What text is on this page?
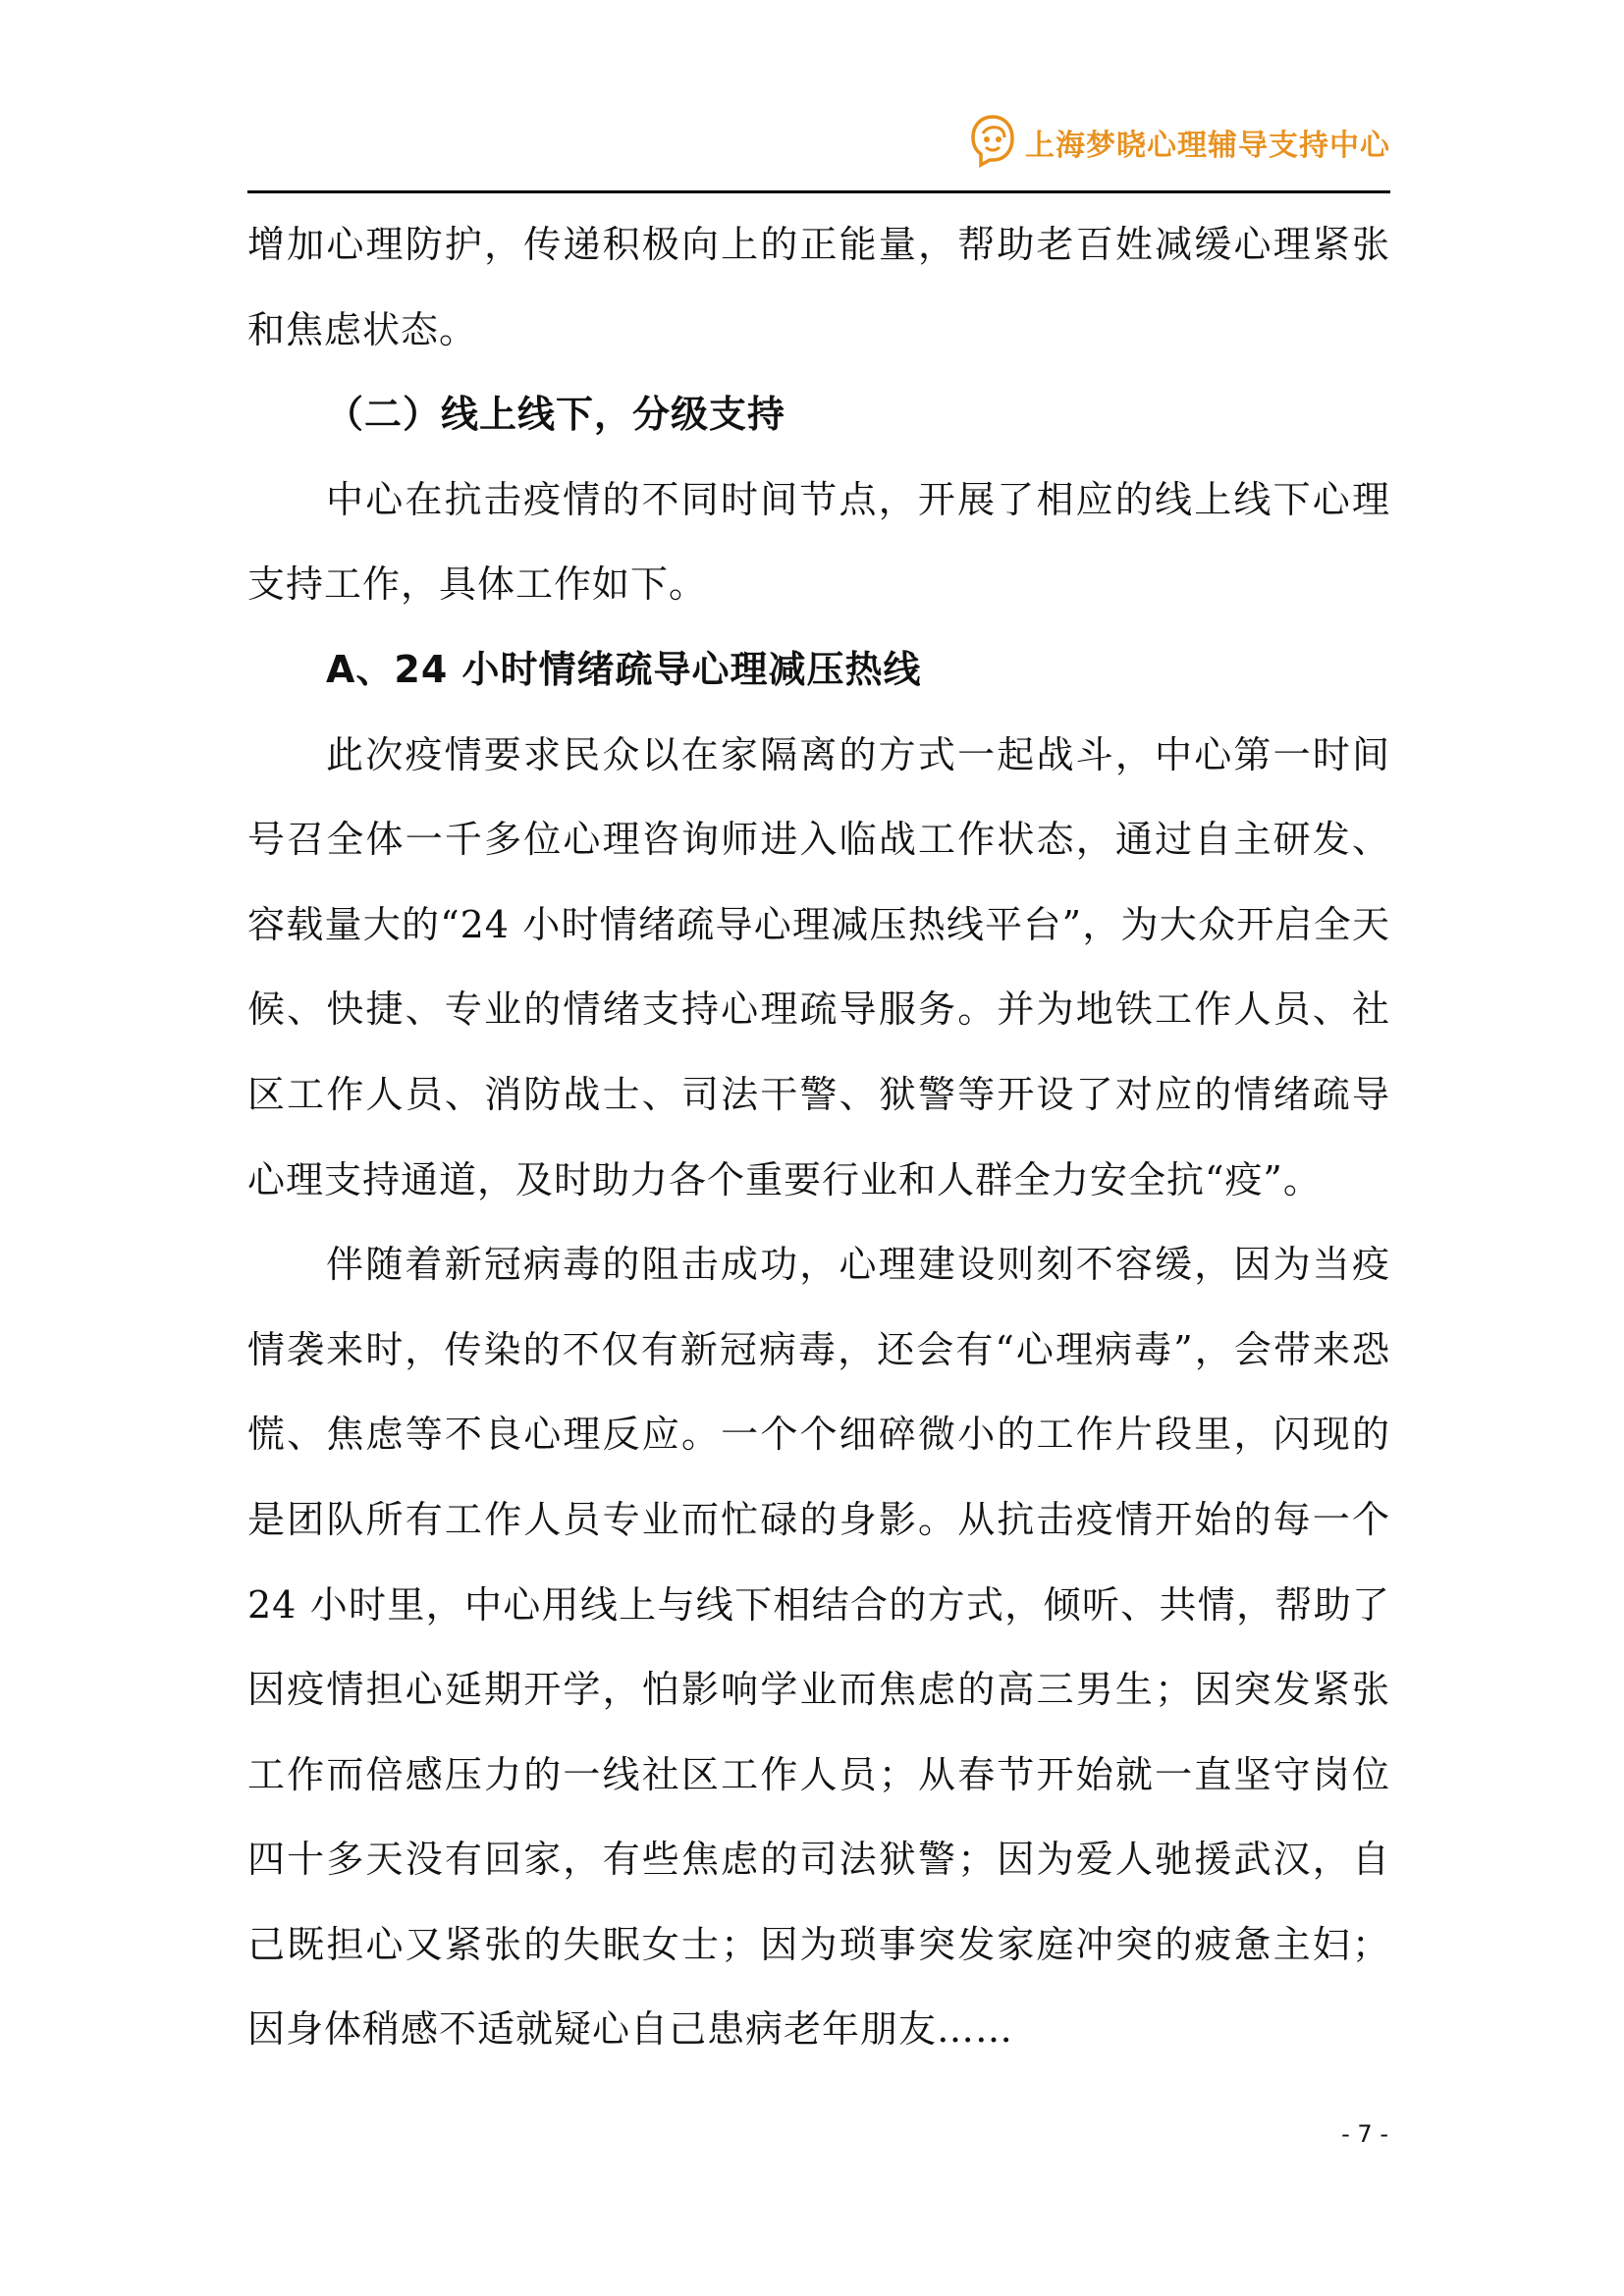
上海梦晓心理辅导支持中心

增加心理防护，传递积极向上的正能量，帮助老百姓减缓心理紧张和焦虑状态。

（二）线上线下，分级支持

中心在抗击疫情的不同时间节点，开展了相应的线上线下心理支持工作，具体工作如下。

A、24 小时情绪疏导心理减压热线

此次疫情要求民众以在家隔离的方式一起战斗，中心第一时间号召全体一千多位心理咨询师进入临战工作状态，通过自主研发、容载量大的“24 小时情绪疏导心理减压热线平台”，为大众开启全天候、快捷、专业的情绪支持心理疏导服务。并为地铁工作人员、社区工作人员、消防战士、司法干警、狱警等开设了对应的情绪疏导心理支持通道，及时助力各个重要行业和人群全力安全抗“疫”。

伴随着新冠病毒的阻击成功，心理建设则刻不容缓，因为当疫情袭来时，传染的不仅有新冠病毒，还会有“心理病毒”，会带来恐慌、焦虑等不良心理反应。一个个细碎微小的工作片段里，闪现的是团队所有工作人员专业而忙碌的身影。从抗击疫情开始的每一个 24 小时里，中心用线上与线下相结合的方式，倾听、共情，帮助了因疫情担心延期开学，怕影响学业而焦虑的高三男生；因突发紧张工作而倍感压力的一线社区工作人员；从春节开始就一直坚守岗位四十多天没有回家，有些焦虑的司法狱警；因为爱人驰援武汉，自己既担心又紧张的失眠女士；因为琐事突发家庭冲突的疲惫主妇；因身体稍感不适就疑心自己患病老年朋友……

- 7 -
